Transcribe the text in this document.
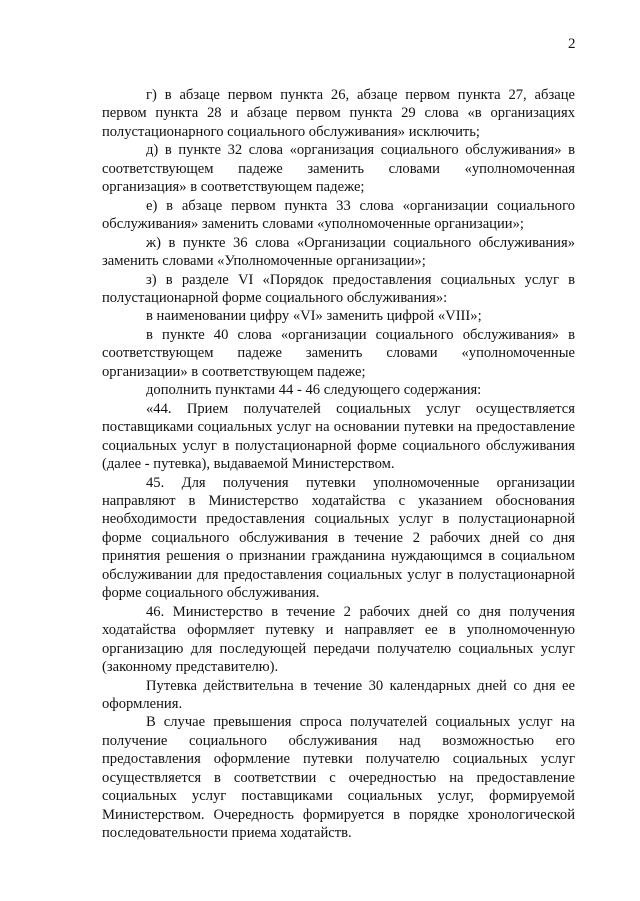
2

г) в абзаце первом пункта 26, абзаце первом пункта 27, абзаце первом пункта 28 и абзаце первом пункта 29 слова «в организациях полустационарного социального обслуживания» исключить;

д) в пункте 32 слова «организация социального обслуживания» в соответствующем падеже заменить словами «уполномоченная организация» в соответствующем падеже;

е) в абзаце первом пункта 33 слова «организации социального обслуживания» заменить словами «уполномоченные организации»;

ж) в пункте 36 слова «Организации социального обслуживания» заменить словами «Уполномоченные организации»;

з) в разделе VI «Порядок предоставления социальных услуг в полустационарной форме социального обслуживания»:

в наименовании цифру «VI» заменить цифрой «VIII»;

в пункте 40 слова «организации социального обслуживания» в соответствующем падеже заменить словами «уполномоченные организации» в соответствующем падеже;

дополнить пунктами 44 - 46 следующего содержания:

«44. Прием получателей социальных услуг осуществляется поставщиками социальных услуг на основании путевки на предоставление социальных услуг в полустационарной форме социального обслуживания (далее - путевка), выдаваемой Министерством.

45. Для получения путевки уполномоченные организации направляют в Министерство ходатайства с указанием обоснования необходимости предоставления социальных услуг в полустационарной форме социального обслуживания в течение 2 рабочих дней со дня принятия решения о признании гражданина нуждающимся в социальном обслуживании для предоставления социальных услуг в полустационарной форме социального обслуживания.

46. Министерство в течение 2 рабочих дней со дня получения ходатайства оформляет путевку и направляет ее в уполномоченную организацию для последующей передачи получателю социальных услуг (законному представителю).

Путевка действительна в течение 30 календарных дней со дня ее оформления.

В случае превышения спроса получателей социальных услуг на получение социального обслуживания над возможностью его предоставления оформление путевки получателю социальных услуг осуществляется в соответствии с очередностью на предоставление социальных услуг поставщиками социальных услуг, формируемой Министерством. Очередность формируется в порядке хронологической последовательности приема ходатайств.
